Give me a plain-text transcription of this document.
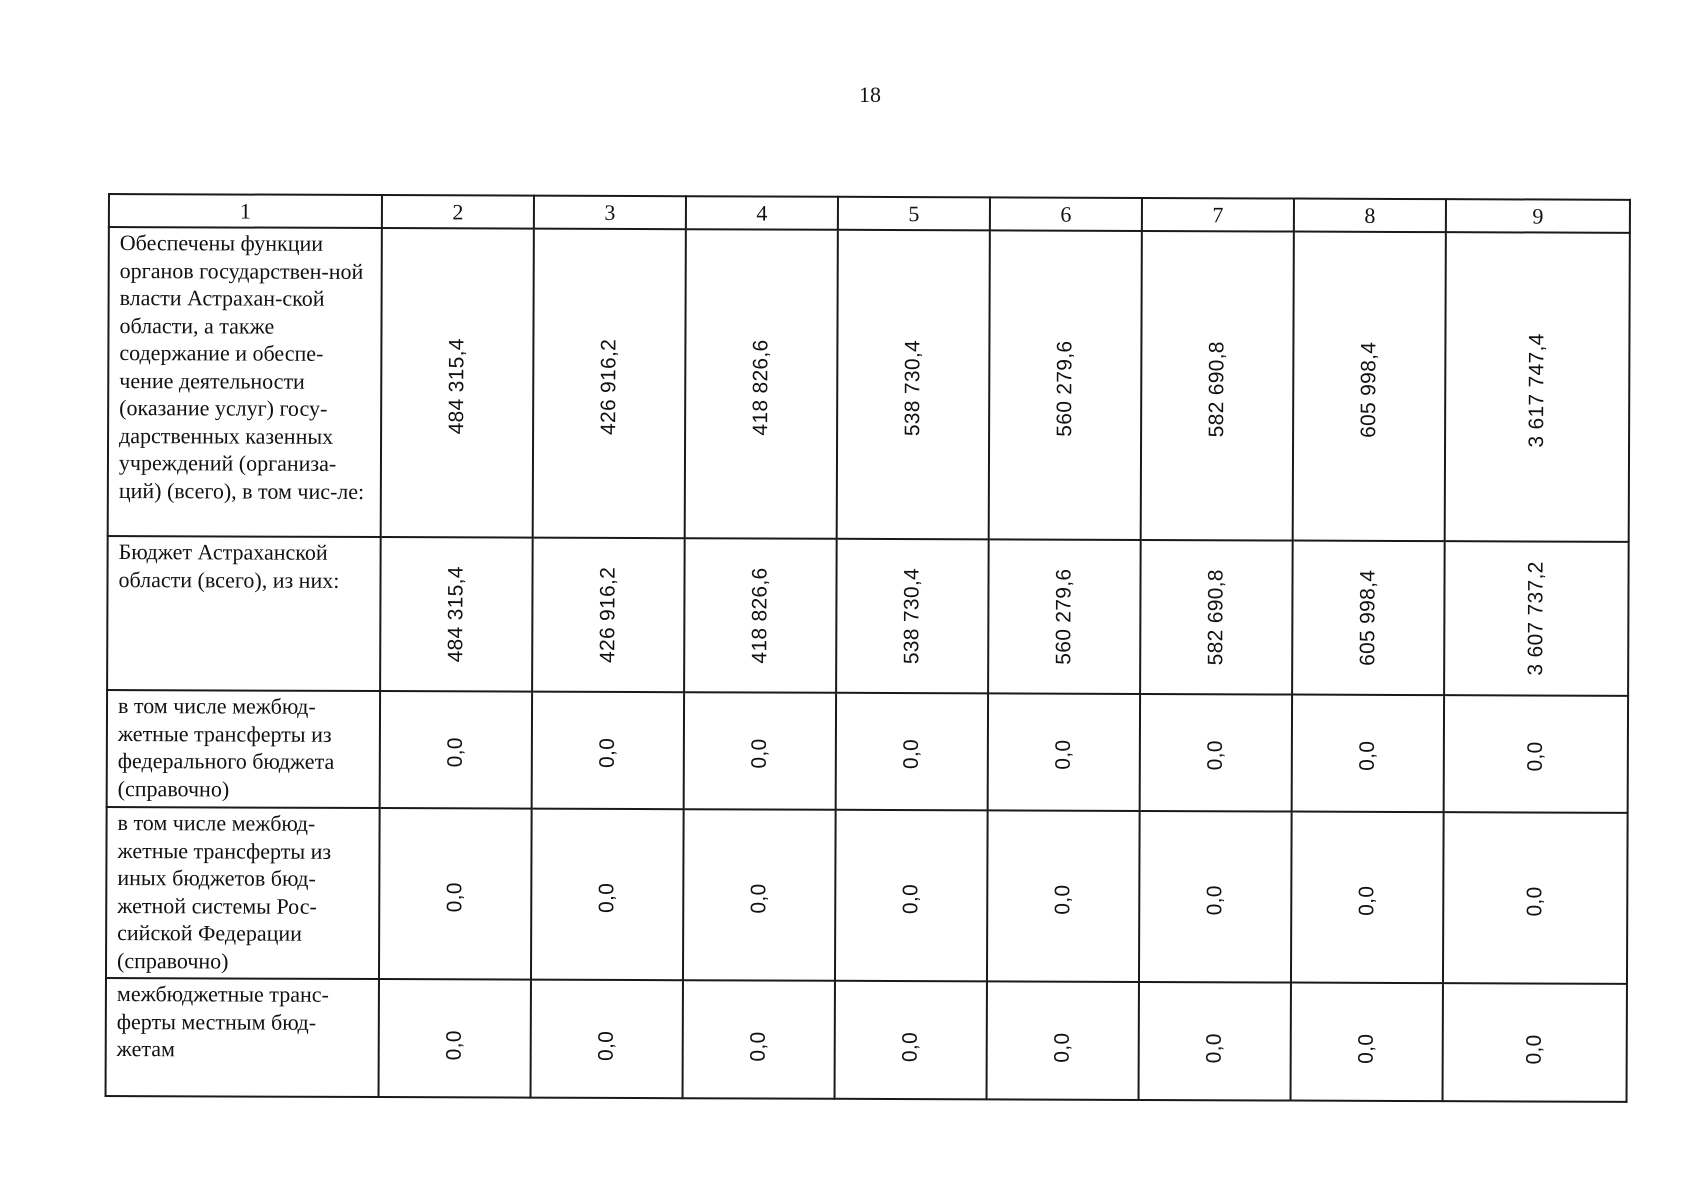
18
1	2	3	4	5	6	7	8	9
Обеспечены функции органов государствен-ной власти Астрахан-ской области, а также содержание и обеспе-чение деятельности (оказание услуг) госу-дарственных казенных учреждений (организа-ций) (всего), в том чис-ле:	484 315,4	426 916,2	418 826,6	538 730,4	560 279,6	582 690,8	605 998,4	3 617 747,4

Бюджет Астраханской области (всего), из них:	484 315,4	426 916,2	418 826,6	538 730,4	560 279,6	582 690,8	605 998,4	3 607 737,2

в том числе межбюд-жетные трансферты из федерального бюджета (справочно)	0,0	0,0	0,0	0,0	0,0	0,0	0,0	0,0

в том числе межбюд-жетные трансферты из иных бюджетов бюд-жетной системы Рос-сийской Федерации (справочно)	0,0	0,0	0,0	0,0	0,0	0,0	0,0	0,0

межбюджетные транс-ферты местным бюд-жетам	0,0	0,0	0,0	0,0	0,0	0,0	0,0	0,0
